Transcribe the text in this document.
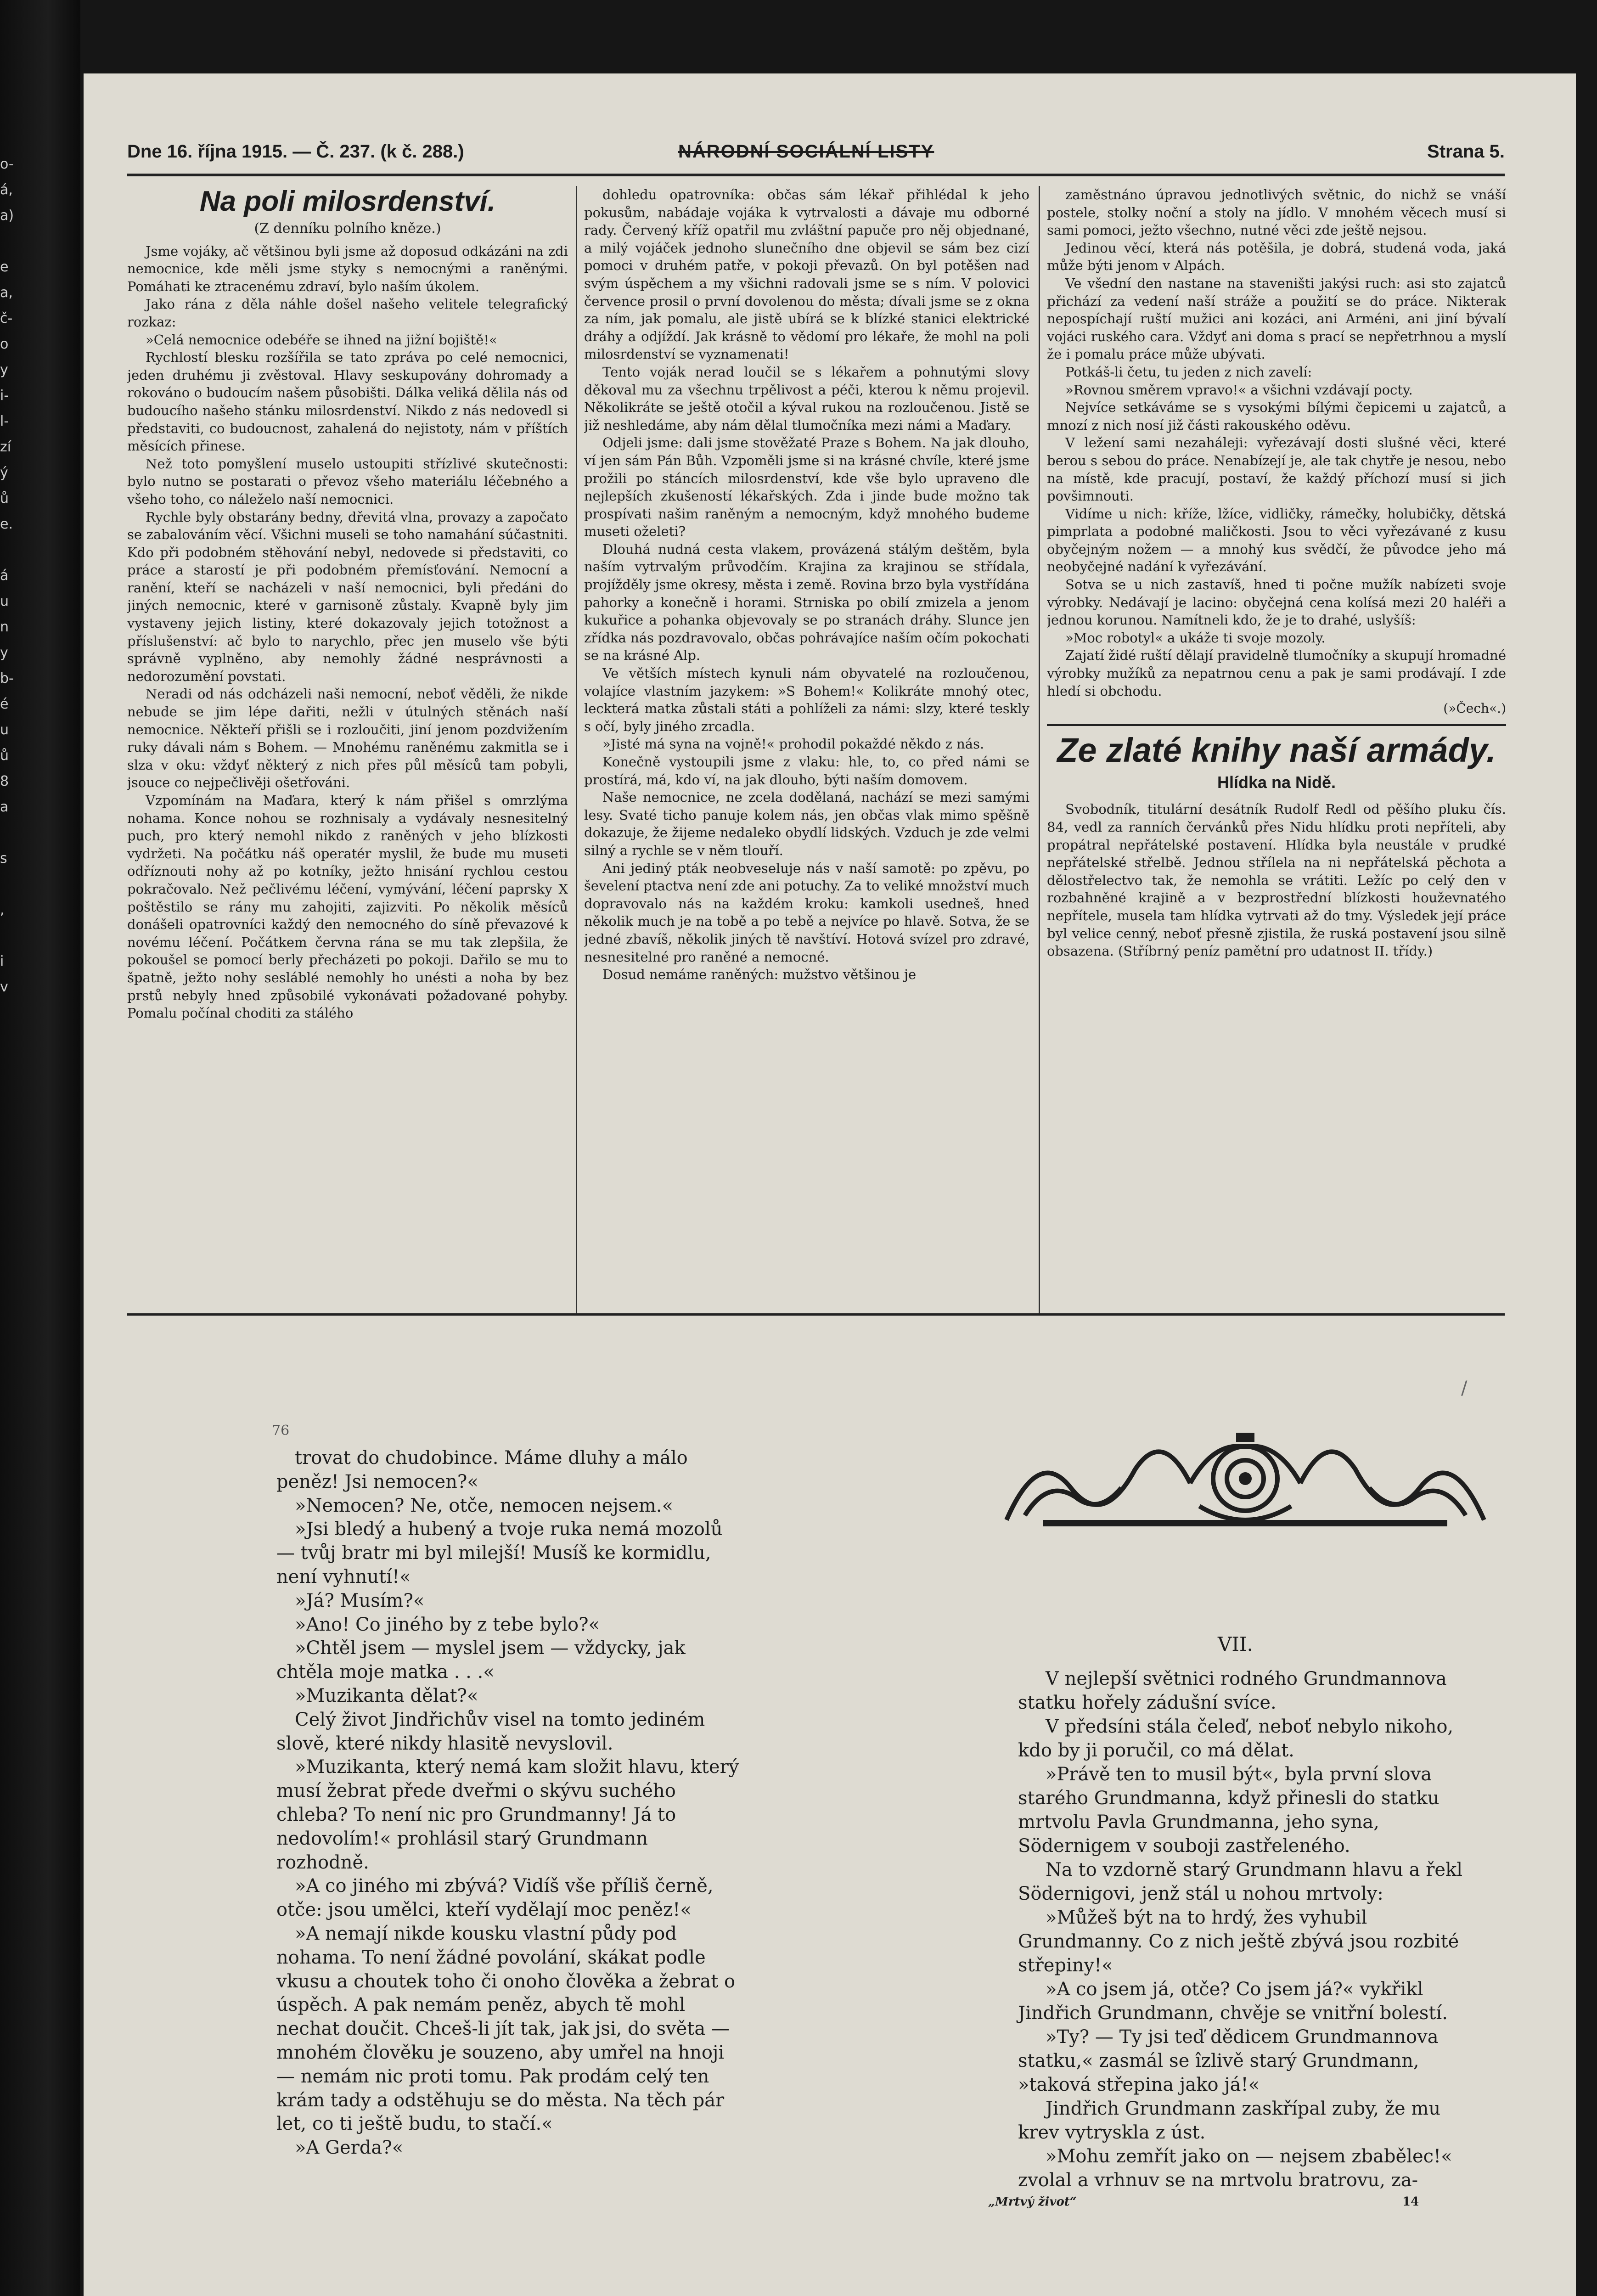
o-
á,
a)

e
a,
č-
o
y
i-
l-
zí
ý
ů
e.

á
u
n
y
b-
é
u
ů
8
a

s

,

i
v
Dne 16. října 1915. — Č. 237. (k č. 288.)	NÁRODNÍ SOCIÁLNÍ LISTY	Strana 5.
Na poli milosrdenství.
(Z denníku polního kněze.)

Jsme vojáky, ač většinou byli jsme až doposud odkázáni na zdi nemocnice, kde měli jsme styky s nemocnými a raněnými. Pomáhati ke ztracenému zdraví, bylo naším úkolem.

Jako rána z děla náhle došel našeho velitele telegrafický rozkaz:

»Celá nemocnice odebéře se ihned na jižní bojiště!«

Rychlostí blesku rozšířila se tato zpráva po celé nemocnici, jeden druhému ji zvěstoval. Hlavy seskupovány dohromady a rokováno o budoucím našem působišti. Dálka veliká dělila nás od budoucího našeho stánku milosrdenství. Nikdo z nás nedovedl si představiti, co budoucnost, zahalená do nejistoty, nám v příštích měsících přinese.

Než toto pomyšlení muselo ustoupiti střízlivé skutečnosti: bylo nutno se postarati o převoz všeho materiálu léčebného a všeho toho, co náleželo naší nemocnici.

Rychle byly obstarány bedny, dřevitá vlna, provazy a započato se zabalováním věcí. Všichni museli se toho namahání súčastniti. Kdo při podobném stěhování nebyl, nedovede si představiti, co práce a starostí je při podobném přemísťování. Nemocní a ranění, kteří se nacházeli v naší nemocnici, byli předáni do jiných nemocnic, které v garnisoně zůstaly. Kvapně byly jim vystaveny jejich listiny, které dokazovaly jejich totožnost a příslušenství: ač bylo to narychlo, přec jen muselo vše býti správně vyplněno, aby nemohly žádné nesprávnosti a nedorozumění povstati.

Neradi od nás odcházeli naši nemocní, neboť věděli, že nikde nebude se jim lépe dařiti, nežli v útulných stěnách naší nemocnice. Někteří přišli se i rozloučiti, jiní jenom pozdvižením ruky dávali nám s Bohem. — Mnohému raněnému zakmitla se i slza v oku: vždyť některý z nich přes půl měsíců tam pobyli, jsouce co nejpečlivěji ošetřováni.

Vzpomínám na Maďara, který k nám přišel s omrzlýma nohama. Konce nohou se rozhnisaly a vydávaly nesnesitelný puch, pro který nemohl nikdo z raněných v jeho blízkosti vydržeti. Na počátku náš operatér myslil, že bude mu museti odříznouti nohy až po kotníky, ježto hnisání rychlou cestou pokračovalo. Než pečlivému léčení, vymývání, léčení paprsky X poštěstilo se rány mu zahojiti, zajizviti. Po několik měsíců donášeli opatrovníci každý den nemocného do síně převazové k novému léčení. Počátkem června rána se mu tak zlepšila, že pokoušel se pomocí berly přecházeti po pokoji. Dařilo se mu to špatně, ježto nohy sesláblé nemohly ho unésti a noha by bez prstů nebyly hned způsobilé vykonávati požadované pohyby. Pomalu počínal choditi za stálého

dohledu opatrovníka: občas sám lékař přihlédal k jeho pokusům, nabádaje vojáka k vytrvalosti a dávaje mu odborné rady. Červený kříž opatřil mu zvláštní papuče pro něj objednané, a milý vojáček jednoho slunečního dne objevil se sám bez cizí pomoci v druhém patře, v pokoji převazů. On byl potěšen nad svým úspěchem a my všichni radovali jsme se s ním. V polovici července prosil o první dovolenou do města; dívali jsme se z okna za ním, jak pomalu, ale jistě ubírá se k blízké stanici elektrické dráhy a odjíždí. Jak krásně to vědomí pro lékaře, že mohl na poli milosrdenství se vyznamenati!

Tento voják nerad loučil se s lékařem a pohnutými slovy děkoval mu za všechnu trpělivost a péči, kterou k němu projevil. Několikráte se ještě otočil a kýval rukou na rozloučenou. Jistě se již neshledáme, aby nám dělal tlumočníka mezi námi a Maďary.

Odjeli jsme: dali jsme stověžaté Praze s Bohem. Na jak dlouho, ví jen sám Pán Bůh. Vzpoměli jsme si na krásné chvíle, které jsme prožili po stáncích milosrdenství, kde vše bylo upraveno dle nejlepších zkušeností lékařských. Zda i jinde bude možno tak prospívati našim raněným a nemocným, když mnohého budeme museti oželeti?

Dlouhá nudná cesta vlakem, provázená stálým deštěm, byla naším vytrvalým průvodčím. Krajina za krajinou se střídala, projížděly jsme okresy, města i země. Rovina brzo byla vystřídána pahorky a konečně i horami. Strniska po obilí zmizela a jenom kukuřice a pohanka objevovaly se po stranách dráhy. Slunce jen zřídka nás pozdravovalo, občas pohrávajíce naším očím pokochati se na krásné Alp.

Ve větších místech kynuli nám obyvatelé na rozloučenou, volajíce vlastním jazykem: »S Bohem!« Kolikráte mnohý otec, leckterá matka zůstali státi a pohlíželi za námi: slzy, které teskly s očí, byly jiného zrcadla.

»Jisté má syna na vojně!« prohodil pokaždé někdo z nás.

Konečně vystoupili jsme z vlaku: hle, to, co před námi se prostírá, má, kdo ví, na jak dlouho, býti naším domovem.

Naše nemocnice, ne zcela dodělaná, nachází se mezi samými lesy. Svaté ticho panuje kolem nás, jen občas vlak mimo spěšně dokazuje, že žijeme nedaleko obydlí lidských. Vzduch je zde velmi silný a rychle se v něm tlouří.

Ani jediný pták neobveseluje nás v naší samotě: po zpěvu, po ševelení ptactva není zde ani potuchy. Za to veliké množství much dopravovalo nás na každém kroku: kamkoli usedneš, hned několik much je na tobě a po tebě a nejvíce po hlavě. Sotva, že se jedné zbavíš, několik jiných tě navštíví. Hotová svízel pro zdravé, nesnesitelné pro raněné a nemocné.

Dosud nemáme raněných: mužstvo většinou je

zaměstnáno úpravou jednotlivých světnic, do nichž se vnáší postele, stolky noční a stoly na jídlo. V mnohém věcech musí si sami pomoci, ježto všechno, nutné věci zde ještě nejsou.

Jedinou věcí, která nás potěšila, je dobrá, studená voda, jaká může býti jenom v Alpách.

Ve všední den nastane na staveništi jakýsi ruch: asi sto zajatců přichází za vedení naší stráže a použití se do práce. Nikterak nepospíchají ruští mužici ani kozáci, ani Arméni, ani jiní bývalí vojáci ruského cara. Vždyť ani doma s prací se nepřetrhnou a myslí že i pomalu práce může ubývati.

Potkáš-li četu, tu jeden z nich zavelí:

»Rovnou směrem vpravo!« a všichni vzdávají pocty.

Nejvíce setkáváme se s vysokými bílými čepicemi u zajatců, a mnozí z nich nosí již části rakouského oděvu.

V ležení sami nezaháleji: vyřezávají dosti slušné věci, které berou s sebou do práce. Nenabízejí je, ale tak chytře je nesou, nebo na místě, kde pracují, postaví, že každý příchozí musí si jich povšimnouti.

Vidíme u nich: kříže, lžíce, vidličky, rámečky, holubičky, dětská pimprlata a podobné maličkosti. Jsou to věci vyřezávané z kusu obyčejným nožem — a mnohý kus svědčí, že původce jeho má neobyčejné nadání k vyřezávání.

Sotva se u nich zastavíš, hned ti počne mužík nabízeti svoje výrobky. Nedávají je lacino: obyčejná cena kolísá mezi 20 haléři a jednou korunou. Namítneli kdo, že je to drahé, uslyšíš:

»Moc robotyl« a ukáže ti svoje mozoly.

Zajatí židé ruští dělají pravidelně tlumočníky a skupují hromadné výrobky mužíků za nepatrnou cenu a pak je sami prodávají. I zde hledí si obchodu.

(»Čech«.)
Ze zlaté knihy naší armády.
Hlídka na Nidě.

Svobodník, titulární desátník Rudolf Redl od pěšího pluku čís. 84, vedl za ranních červánků přes Nidu hlídku proti nepříteli, aby propátral nepřátelské postavení. Hlídka byla neustále v prudké nepřátelské střelbě. Jednou střílela na ni nepřátelská pěchota a dělostřelectvo tak, že nemohla se vrátiti. Ležíc po celý den v rozbahněné krajině a v bezprostřední blízkosti houževnatého nepřítele, musela tam hlídka vytrvati až do tmy. Výsledek její práce byl velice cenný, neboť přesně zjistila, že ruská postavení jsou silně obsazena. (Stříbrný peníz pamětní pro udatnost II. třídy.)

76

trovat do chudobince. Máme dluhy a málo peněz! Jsi nemocen?«

»Nemocen? Ne, otče, nemocen nejsem.«

»Jsi bledý a hubený a tvoje ruka nemá mozolů — tvůj bratr mi byl milejší! Musíš ke kormidlu, není vyhnutí!«

»Já? Musím?«

»Ano! Co jiného by z tebe bylo?«

»Chtěl jsem — myslel jsem — vždycky, jak chtěla moje matka . . .«

»Muzikanta dělat?«

Celý život Jindřichův visel na tomto jediném slově, které nikdy hlasitě nevyslovil.

»Muzikanta, který nemá kam složit hlavu, který musí žebrat přede dveřmi o skývu suchého chleba? To není nic pro Grundmanny! Já to nedovolím!« prohlásil starý Grundmann rozhodně.

»A co jiného mi zbývá? Vidíš vše příliš černě, otče: jsou umělci, kteří vydělají moc peněz!«

»A nemají nikde kousku vlastní půdy pod nohama. To není žádné povolání, skákat podle vkusu a choutek toho či onoho člověka a žebrat o úspěch. A pak nemám peněz, abych tě mohl nechat doučit. Chceš-li jít tak, jak jsi, do světa — mnohém člověku je souzeno, aby umřel na hnoji — nemám nic proti tomu. Pak prodám celý ten krám tady a odstěhuju se do města. Na těch pár let, co ti ještě budu, to stačí.«

»A Gerda?«

VII.

V nejlepší světnici rodného Grundmannova statku hořely zádušní svíce.

V předsíni stála čeleď, neboť nebylo nikoho, kdo by ji poručil, co má dělat.

»Právě ten to musil být«, byla první slova starého Grundmanna, když přinesli do statku mrtvolu Pavla Grundmanna, jeho syna, Södernigem v souboji zastřeleného.

Na to vzdorně starý Grundmann hlavu a řekl Södernigovi, jenž stál u nohou mrtvoly:

»Můžeš být na to hrdý, žes vyhubil Grundmanny. Co z nich ještě zbývá jsou rozbité střepiny!«

»A co jsem já, otče? Co jsem já?« vykřikl Jindřich Grundmann, chvěje se vnitřní bolestí.

»Ty? — Ty jsi teď dědicem Grundmannova statku,« zasmál se îzlivě starý Grundmann, »taková střepina jako já!«

Jindřich Grundmann zaskřípal zuby, že mu krev vytryskla z úst.

»Mohu zemřít jako on — nejsem zbabělec!« zvolal a vrhnuv se na mrtvolu bratrovu, za-

„Mrtvý život“	14
/
